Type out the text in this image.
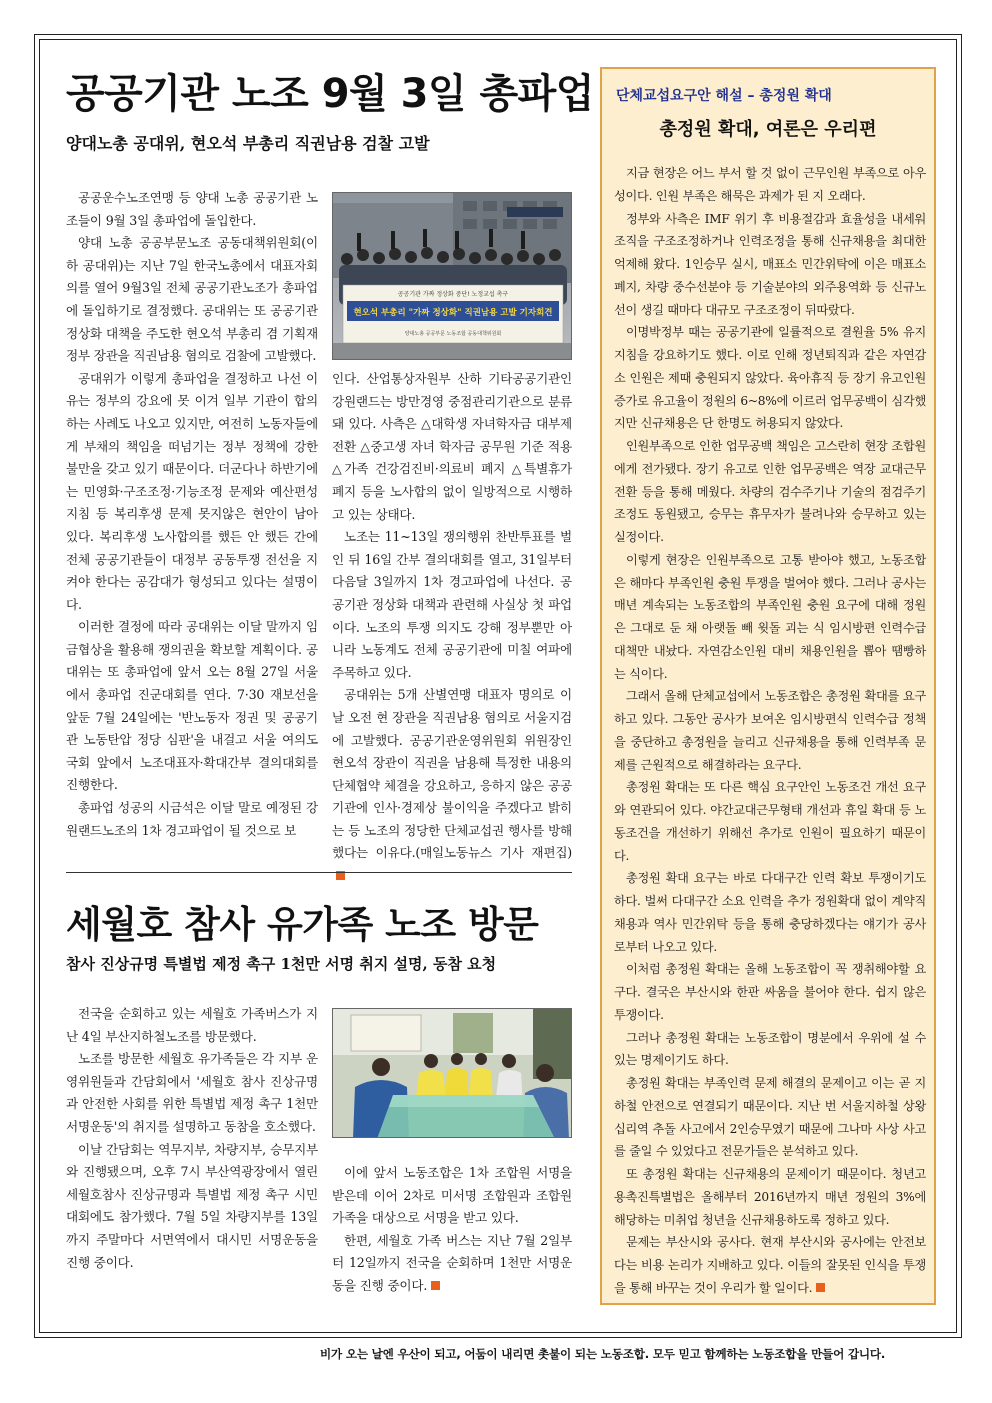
공공기관 노조 9월 3일 총파업
양대노총 공대위, 현오석 부총리 직권남용 검찰 고발

공공운수노조연맹 등 양대 노총 공공기관 노조들이 9월 3일 총파업에 돌입한다.

양대 노총 공공부문노조 공동대책위원회(이하 공대위)는 지난 7일 한국노총에서 대표자회의를 열어 9월3일 전체 공공기관노조가 총파업에 돌입하기로 결정했다. 공대위는 또 공공기관 정상화 대책을 주도한 현오석 부총리 겸 기획재정부 장관을 직권남용 혐의로 검찰에 고발했다.

공대위가 이렇게 총파업을 결정하고 나선 이유는 정부의 강요에 못 이겨 일부 기관이 합의하는 사례도 나오고 있지만, 여전히 노동자들에게 부채의 책임을 떠넘기는 정부 정책에 강한 불만을 갖고 있기 때문이다. 더군다나 하반기에는 민영화·구조조정·기능조정 문제와 예산편성지침 등 복리후생 문제 못지않은 현안이 남아 있다. 복리후생 노사합의를 했든 안 했든 간에 전체 공공기관들이 대정부 공동투쟁 전선을 지켜야 한다는 공감대가 형성되고 있다는 설명이다.

이러한 결정에 따라 공대위는 이달 말까지 임금협상을 활용해 쟁의권을 확보할 계획이다. 공대위는 또 총파업에 앞서 오는 8월 27일 서울에서 총파업 진군대회를 연다. 7·30 재보선을 앞둔 7월 24일에는 '반노동자 정권 및 공공기관 노동탄압 정당 심판'을 내걸고 서울 여의도 국회 앞에서 노조대표자·확대간부 결의대회를 진행한다.

총파업 성공의 시금석은 이달 말로 예정된 강원랜드노조의 1차 경고파업이 될 것으로 보

공공기관 가짜 정상화 중단! 노정교섭 촉구
현오석 부총리 "가짜 정상화" 직권남용 고발 기자회견
양대노총 공공부문 노동조합 공동대책위원회

인다. 산업통상자원부 산하 기타공공기관인 강원랜드는 방만경영 중점관리기관으로 분류돼 있다. 사측은 △대학생 자녀학자금 대부제 전환 △중고생 자녀 학자금 공무원 기준 적용 △가족 건강검진비·의료비 폐지 △특별휴가 폐지 등을 노사합의 없이 일방적으로 시행하고 있는 상태다.

노조는 11~13일 쟁의행위 찬반투표를 벌인 뒤 16일 간부 결의대회를 열고, 31일부터 다음달 3일까지 1차 경고파업에 나선다. 공공기관 정상화 대책과 관련해 사실상 첫 파업이다. 노조의 투쟁 의지도 강해 정부뿐만 아니라 노동계도 전체 공공기관에 미칠 여파에 주목하고 있다.

공대위는 5개 산별연맹 대표자 명의로 이날 오전 현 장관을 직권남용 혐의로 서울지검에 고발했다. 공공기관운영위원회 위원장인 현오석 장관이 직권을 남용해 특정한 내용의 단체협약 체결을 강요하고, 응하지 않은 공공기관에 인사·경제상 불이익을 주겠다고 밝히는 등 노조의 정당한 단체교섭권 행사를 방해했다는 이유다.(매일노동뉴스 기사 재편집)

세월호 참사 유가족 노조 방문
참사 진상규명 특별법 제정 촉구 1천만 서명 취지 설명, 동참 요청

전국을 순회하고 있는 세월호 가족버스가 지난 4일 부산지하철노조를 방문했다.

노조를 방문한 세월호 유가족들은 각 지부 운영위원들과 간담회에서 '세월호 참사 진상규명과 안전한 사회를 위한 특별법 제정 촉구 1천만 서명운동'의 취지를 설명하고 동참을 호소했다.

이날 간담회는 역무지부, 차량지부, 승무지부와 진행됐으며, 오후 7시 부산역광장에서 열린 세월호참사 진상규명과 특별법 제정 촉구 시민대회에도 참가했다. 7월 5일 차량지부를 13일까지 주말마다 서면역에서 대시민 서명운동을 진행 중이다.

이에 앞서 노동조합은 1차 조합원 서명을 받은데 이어 2차로 미서명 조합원과 조합원 가족을 대상으로 서명을 받고 있다.

한편, 세월호 가족 버스는 지난 7월 2일부터 12일까지 전국을 순회하며 1천만 서명운동을 진행 중이다.

단체교섭요구안 해설 – 총정원 확대
총정원 확대, 여론은 우리편

지금 현장은 어느 부서 할 것 없이 근무인원 부족으로 아우성이다. 인원 부족은 해묵은 과제가 된 지 오래다.

정부와 사측은 IMF 위기 후 비용절감과 효율성을 내세워 조직을 구조조정하거나 인력조정을 통해 신규채용을 최대한 억제해 왔다. 1인승무 실시, 매표소 민간위탁에 이은 매표소 폐지, 차량 중수선분야 등 기술분야의 외주용역화 등 신규노선이 생길 때마다 대규모 구조조정이 뒤따랐다.

이명박정부 때는 공공기관에 일률적으로 결원율 5% 유지 지침을 강요하기도 했다. 이로 인해 정년퇴직과 같은 자연감소 인원은 제때 충원되지 않았다. 육아휴직 등 장기 유고인원 증가로 유고율이 정원의 6~8%에 이르러 업무공백이 심각했지만 신규채용은 단 한명도 허용되지 않았다.

인원부족으로 인한 업무공백 책임은 고스란히 현장 조합원에게 전가됐다. 장기 유고로 인한 업무공백은 역장 교대근무 전환 등을 통해 메웠다. 차량의 검수주기나 기술의 점검주기 조정도 동원됐고, 승무는 휴무자가 불려나와 승무하고 있는 실정이다.

이렇게 현장은 인원부족으로 고통 받아야 했고, 노동조합은 해마다 부족인원 충원 투쟁을 벌여야 했다. 그러나 공사는 매년 계속되는 노동조합의 부족인원 충원 요구에 대해 정원은 그대로 둔 채 아랫돌 빼 윗돌 괴는 식 임시방편 인력수급 대책만 내놨다. 자연감소인원 대비 채용인원을 뽑아 땜빵하는 식이다.

그래서 올해 단체교섭에서 노동조합은 총정원 확대를 요구하고 있다. 그동안 공사가 보여온 임시방편식 인력수급 정책을 중단하고 총정원을 늘리고 신규채용을 통해 인력부족 문제를 근원적으로 해결하라는 요구다.

총정원 확대는 또 다른 핵심 요구안인 노동조건 개선 요구와 연관되어 있다. 야간교대근무형태 개선과 휴일 확대 등 노동조건을 개선하기 위해선 추가로 인원이 필요하기 때문이다.

총정원 확대 요구는 바로 다대구간 인력 확보 투쟁이기도 하다. 벌써 다대구간 소요 인력을 추가 정원확대 없이 계약직 채용과 역사 민간위탁 등을 통해 충당하겠다는 얘기가 공사로부터 나오고 있다.

이처럼 총정원 확대는 올해 노동조합이 꼭 쟁취해야할 요구다. 결국은 부산시와 한판 싸움을 불어야 한다. 쉽지 않은 투쟁이다.

그러나 총정원 확대는 노동조합이 명분에서 우위에 설 수 있는 명제이기도 하다.

총정원 확대는 부족인력 문제 해결의 문제이고 이는 곧 지하철 안전으로 연결되기 때문이다. 지난 번 서울지하철 상왕십리역 추돌 사고에서 2인승무였기 때문에 그나마 사상 사고를 줄일 수 있었다고 전문가들은 분석하고 있다.

또 총정원 확대는 신규채용의 문제이기 때문이다. 청년고용촉진특별법은 올해부터 2016년까지 매년 정원의 3%에 해당하는 미취업 청년을 신규채용하도록 정하고 있다.

문제는 부산시와 공사다. 현재 부산시와 공사에는 안전보다는 비용 논리가 지배하고 있다. 이들의 잘못된 인식을 투쟁을 통해 바꾸는 것이 우리가 할 일이다.

비가 오는 날엔 우산이 되고, 어둠이 내리면 촛불이 되는 노동조합. 모두 믿고 함께하는 노동조합을 만들어 갑니다.
